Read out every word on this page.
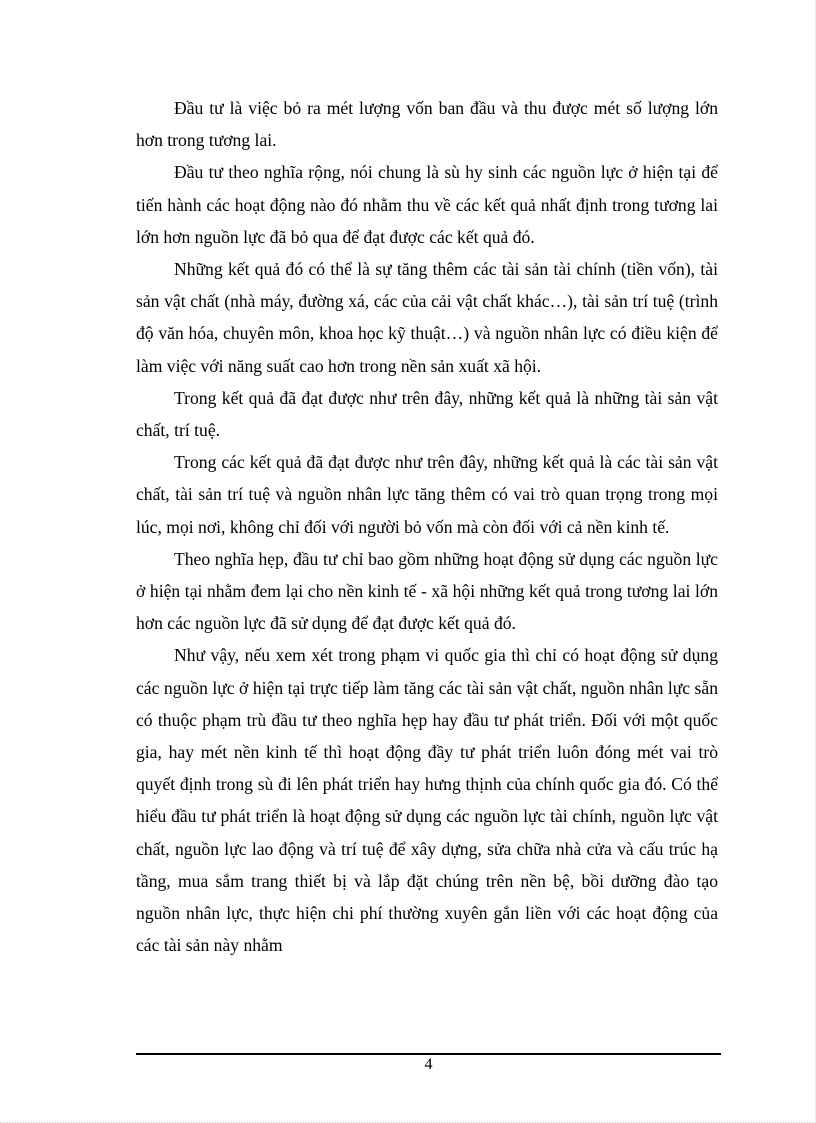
Đầu tư là việc bỏ ra mét lượng vốn ban đầu và thu được mét số lượng lớn hơn trong tương lai.

Đầu tư theo nghĩa rộng, nói chung là sù hy sinh các nguồn lực ở hiện tại để tiến hành các hoạt động nào đó nhằm thu về các kết quả nhất định trong tương lai lớn hơn nguồn lực đã bỏ qua để đạt được các kết quả đó.

Những kết quả đó có thể là sự tăng thêm các tài sản tài chính (tiền vốn), tài sản vật chất (nhà máy, đường xá, các của cải vật chất khác…), tài sản trí tuệ (trình độ văn hóa, chuyên môn, khoa học kỹ thuật…) và nguồn nhân lực có điều kiện để làm việc với năng suất cao hơn trong nền sản xuất xã hội.

Trong kết quả đã đạt được như trên đây, những kết quả là những tài sản vật chất, trí tuệ.

Trong các kết quả đã đạt được như trên đây, những kết quả là các tài sản vật chất, tài sản trí tuệ và nguồn nhân lực tăng thêm có vai trò quan trọng trong mọi lúc, mọi nơi, không chỉ đối với người bỏ vốn mà còn đối với cả nền kinh tế.

Theo nghĩa hẹp, đầu tư chỉ bao gồm những hoạt động sử dụng các nguồn lực ở hiện tại nhằm đem lại cho nền kinh tế - xã hội những kết quả trong tương lai lớn hơn các nguồn lực đã sử dụng để đạt được kết quả đó.

Như vậy, nếu xem xét trong phạm vi quốc gia thì chỉ có hoạt động sử dụng các nguồn lực ở hiện tại trực tiếp làm tăng các tài sản vật chất, nguồn nhân lực sẵn có thuộc phạm trù đầu tư theo nghĩa hẹp hay đầu tư phát triển. Đối với một quốc gia, hay mét nền kinh tế thì hoạt động đầy tư phát triển luôn đóng mét vai trò quyết định trong sù đi lên phát triển hay hưng thịnh của chính quốc gia đó. Có thể hiểu đầu tư phát triển là hoạt động sử dụng các nguồn lực tài chính, nguồn lực vật chất, nguồn lực lao động và trí tuệ để xây dựng, sửa chữa nhà cửa và cấu trúc hạ tầng, mua sắm trang thiết bị và lắp đặt chúng trên nền bệ, bồi dưỡng đào tạo nguồn nhân lực, thực hiện chi phí thường xuyên gắn liền với các hoạt động của các tài sản này nhằm

4
